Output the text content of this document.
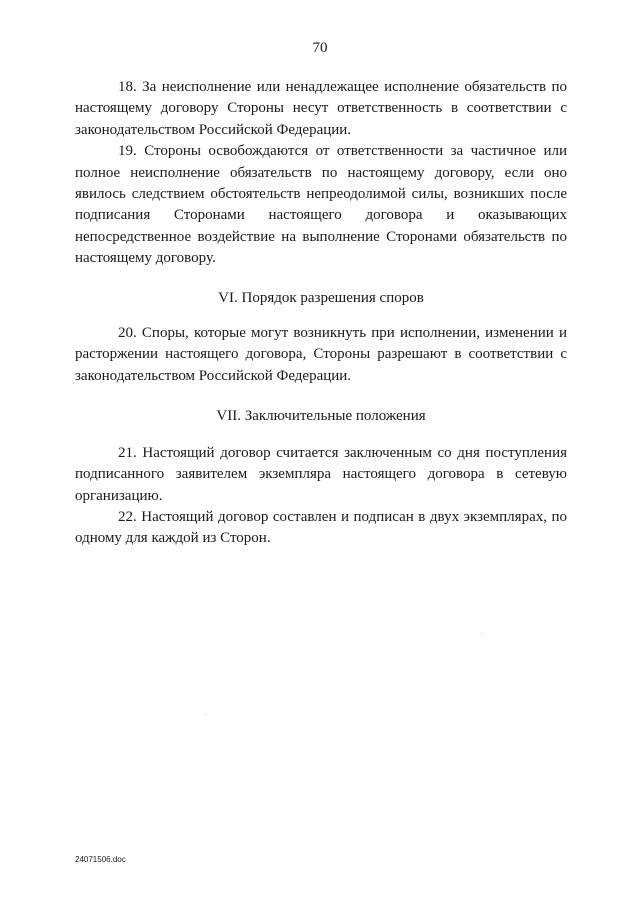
70

18. За неисполнение или ненадлежащее исполнение обязательств по настоящему договору Стороны несут ответственность в соответствии с законодательством Российской Федерации.

19. Стороны освобождаются от ответственности за частичное или полное неисполнение обязательств по настоящему договору, если оно явилось следствием обстоятельств непреодолимой силы, возникших после подписания Сторонами настоящего договора и оказывающих непосредственное воздействие на выполнение Сторонами обязательств по настоящему договору.

VI. Порядок разрешения споров

20. Споры, которые могут возникнуть при исполнении, изменении и расторжении настоящего договора, Стороны разрешают в соответствии с законодательством Российской Федерации.

VII. Заключительные положения

21. Настоящий договор считается заключенным со дня поступления подписанного заявителем экземпляра настоящего договора в сетевую организацию.

22. Настоящий договор составлен и подписан в двух экземплярах, по одному для каждой из Сторон.

24071506.doc
